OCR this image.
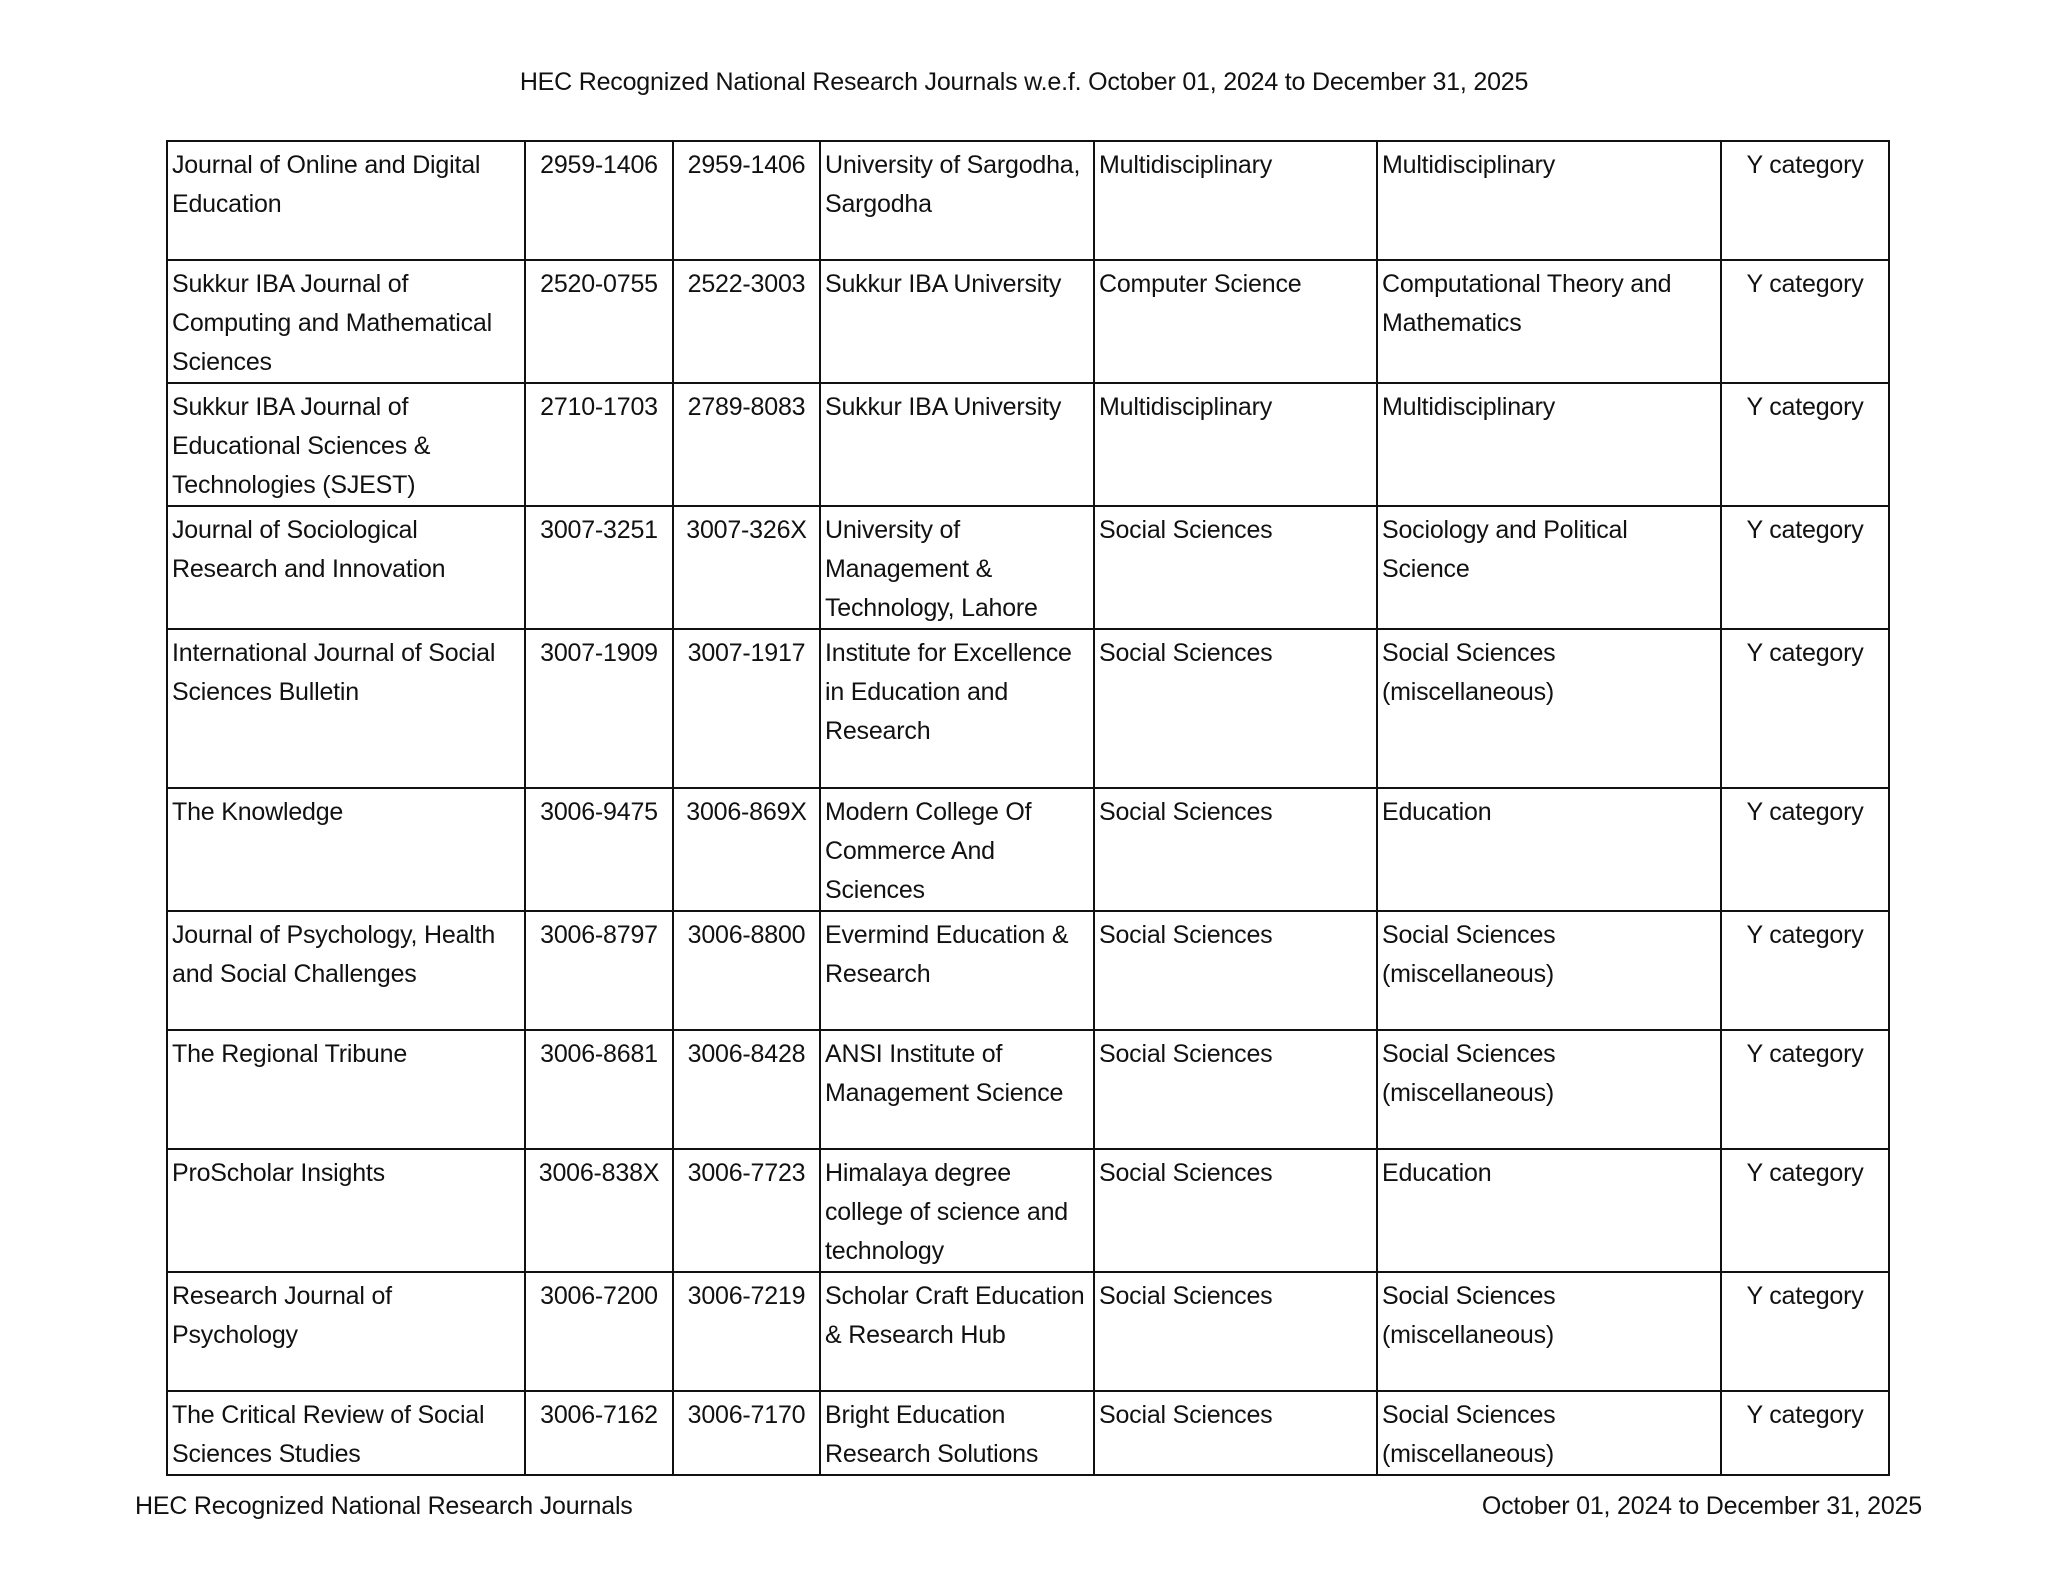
HEC Recognized National Research Journals w.e.f. October 01, 2024 to December 31, 2025
Journal of Online and Digital Education	2959-1406	2959-1406	University of Sargodha, Sargodha	Multidisciplinary	Multidisciplinary	Y category
Sukkur IBA Journal of Computing and Mathematical Sciences	2520-0755	2522-3003	Sukkur IBA University	Computer Science	Computational Theory and Mathematics	Y category
Sukkur IBA Journal of Educational Sciences & Technologies (SJEST)	2710-1703	2789-8083	Sukkur IBA University	Multidisciplinary	Multidisciplinary	Y category
Journal of Sociological Research and Innovation	3007-3251	3007-326X	University of Management & Technology, Lahore	Social Sciences	Sociology and Political Science	Y category
International Journal of Social Sciences Bulletin	3007-1909	3007-1917	Institute for Excellence in Education and Research	Social Sciences	Social Sciences (miscellaneous)	Y category
The Knowledge	3006-9475	3006-869X	Modern College Of Commerce And Sciences	Social Sciences	Education	Y category
Journal of Psychology, Health and Social Challenges	3006-8797	3006-8800	Evermind Education & Research	Social Sciences	Social Sciences (miscellaneous)	Y category
The Regional Tribune	3006-8681	3006-8428	ANSI Institute of Management Science	Social Sciences	Social Sciences (miscellaneous)	Y category
ProScholar Insights	3006-838X	3006-7723	Himalaya degree college of science and technology	Social Sciences	Education	Y category
Research Journal of Psychology	3006-7200	3006-7219	Scholar Craft Education & Research Hub	Social Sciences	Social Sciences (miscellaneous)	Y category
The Critical Review of Social Sciences Studies	3006-7162	3006-7170	Bright Education Research Solutions	Social Sciences	Social Sciences (miscellaneous)	Y category
HEC Recognized National Research Journals	October 01, 2024 to December 31, 2025
